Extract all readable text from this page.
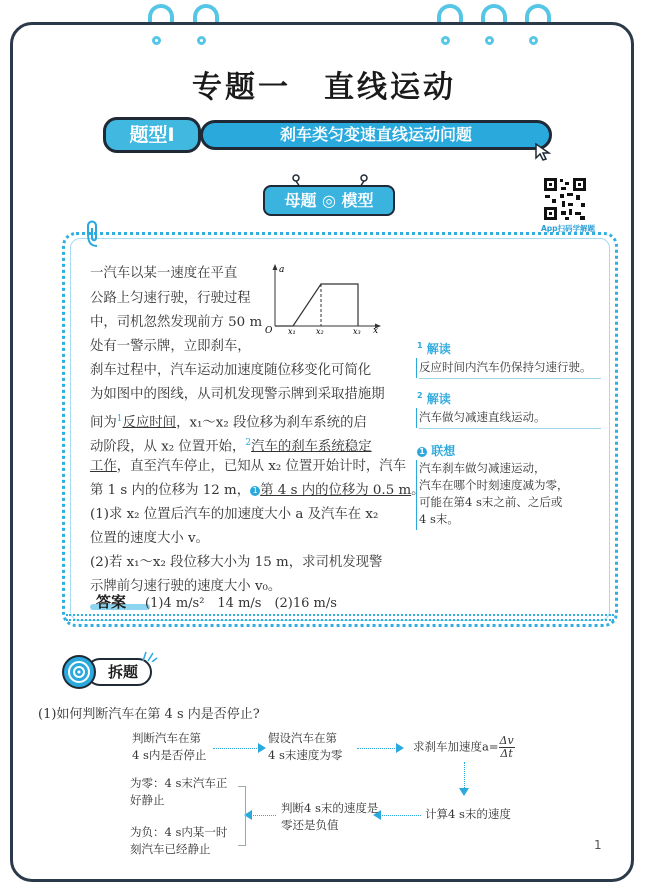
专题一　直线运动
题型Ⅰ	刹车类匀变速直线运动问题
母题 ◎ 模型
App扫码学解题
一汽车以某一速度在平直
公路上匀速行驶，行驶过程
中，司机忽然发现前方 50 m
处有一警示牌，立即刹车，
刹车过程中，汽车运动加速度随位移变化可简化
为如图中的图线，从司机发现警示牌到采取措施期
间为$^1$反应时间，x₁～x₂ 段位移为刹车系统的启
动阶段，从 x₂ 位置开始，$^2$汽车的刹车系统稳定
工作，直至汽车停止，已知从 x₂ 位置开始计时，汽车
第 1 s 内的位移为 12 m， 1 第 4 s 内的位移为 0.5 m。
(1)求 x₂ 位置后汽车的加速度大小 a 及汽车在 x₂
位置的速度大小 v。
(2)若 x₁～x₂ 段位移大小为 15 m，求司机发现警
示牌前匀速行驶的速度大小 v₀。
a
x
O x₁	x₂	x₃
答案 (1)4 m/s²　14 m/s　(2)16 m/s
$^1$ 解读
反应时间内汽车仍保持匀速行驶。
$^2$ 解读
汽车做匀减速直线运动。
1 联想
汽车刹车做匀减速运动，
汽车在哪个时刻速度减为零，
可能在第4 s末之前、之后或
4 s末。
拆题
(1)如何判断汽车在第 4 s 内是否停止?
判断汽车在第
4 s内是否停止
假设汽车在第
4 s末速度为零
求刹车加速度$a= \frac{\Delta v}{\Delta t}$
计算4 s末的速度
判断4 s末的速度是
零还是负值
为零：4 s末汽车正
好静止
为负：4 s内某一时
刻汽车已经静止	1
